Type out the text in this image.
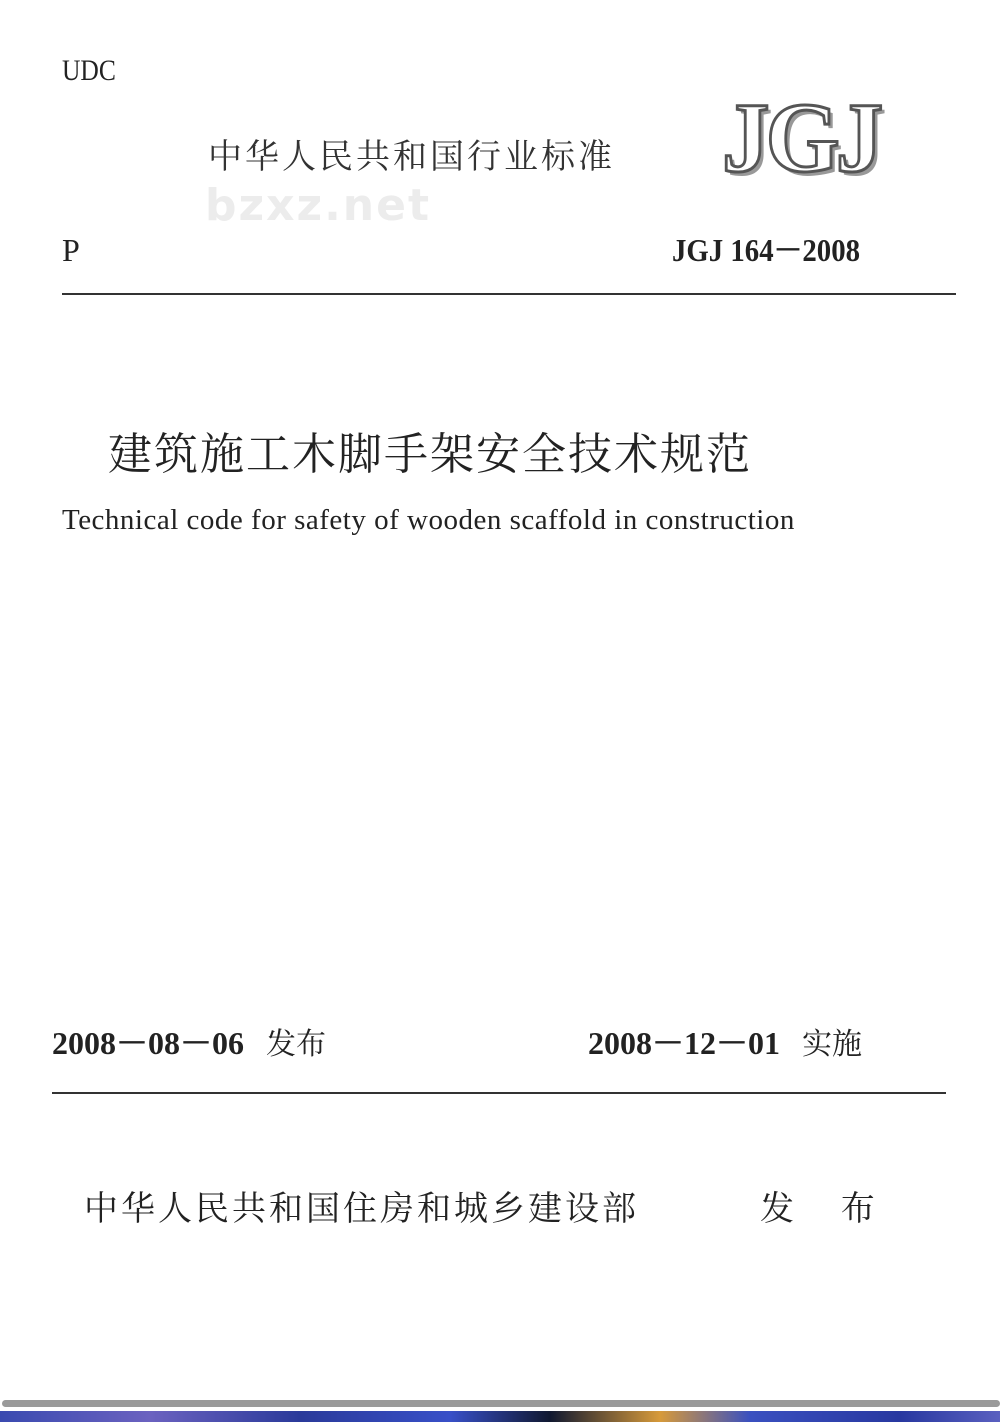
bzxz.net
UDC
中华人民共和国行业标准 JGJ
P	JGJ 164－2008
建筑施工木脚手架安全技术规范
Technical code for safety of wooden scaffold in construction
2008－08－06 发布	2008－12－01 实施
中华人民共和国住房和城乡建设部	发 布
